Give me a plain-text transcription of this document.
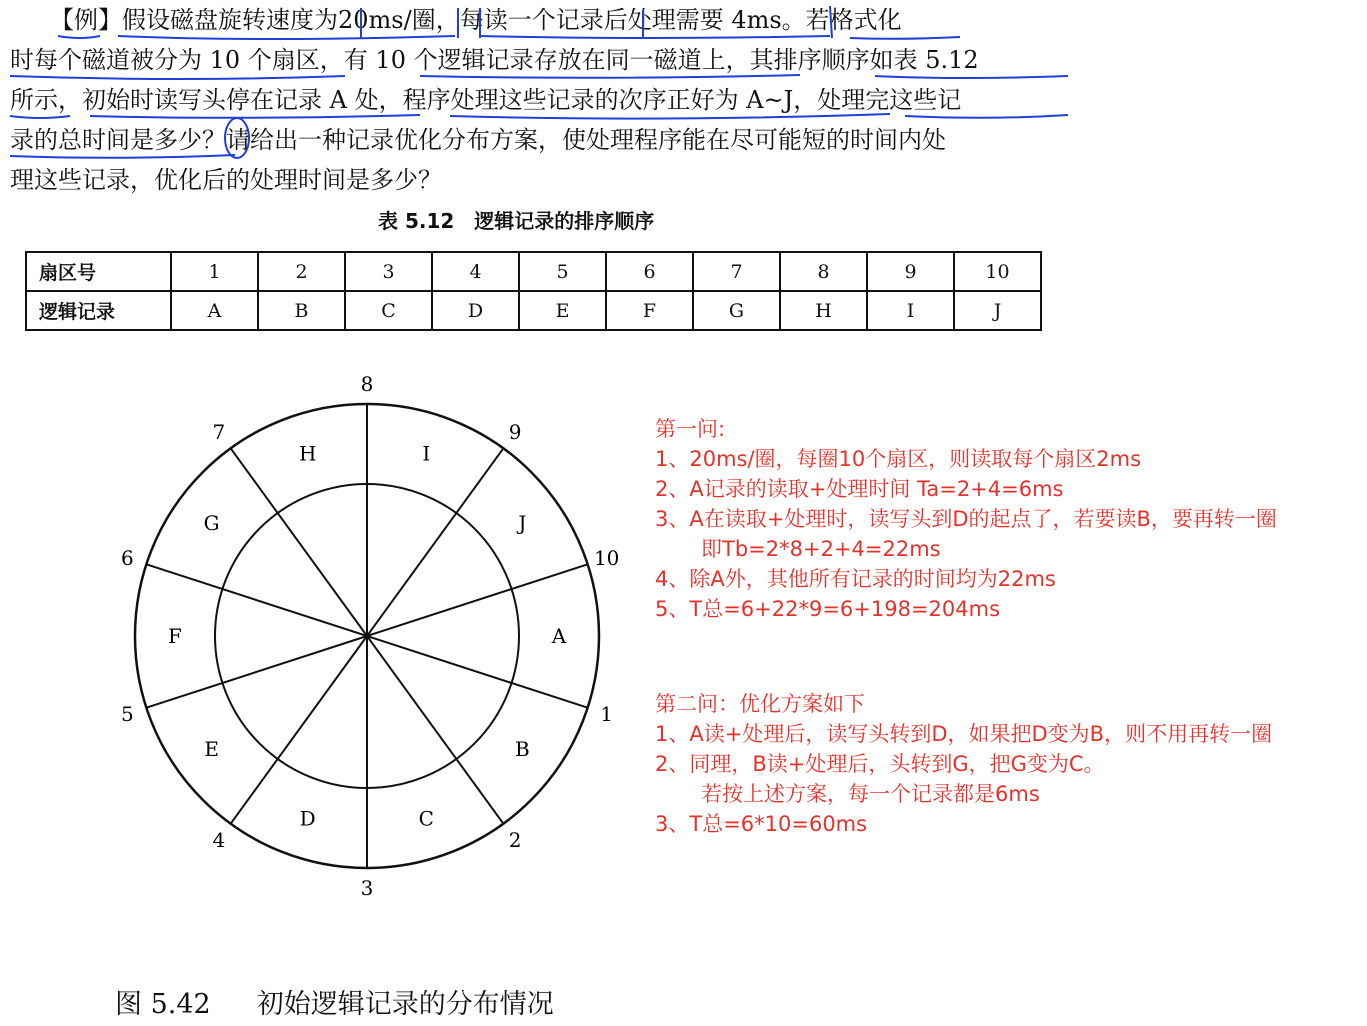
【例】假设磁盘旋转速度为20ms/圈，每读一个记录后处理需要 4ms。若格式化
时每个磁道被分为 10 个扇区，有 10 个逻辑记录存放在同一磁道上，其排序顺序如表 5.12
所示，初始时读写头停在记录 A 处，程序处理这些记录的次序正好为 A~J，处理完这些记
录的总时间是多少？请给出一种记录优化分布方案，使处理程序能在尽可能短的时间内处
理这些记录，优化后的处理时间是多少？
表 5.12　逻辑记录的排序顺序
扇区号	1	2	3	4	5	6	7	8	9	10
逻辑记录	A	B	C	D	E	F	G	H	I	J
A
1
B
2
C
3
D
4
E
5
F
6
G
7
H
8
I
9
J
10
图 5.42 初始逻辑记录的分布情况
第一问:
1、20ms/圈，每圈10个扇区，则读取每个扇区2ms
2、A记录的读取+处理时间 Ta=2+4=6ms
3、A在读取+处理时，读写头到D的起点了，若要读B，要再转一圈
即Tb=2*8+2+4=22ms
4、除A外，其他所有记录的时间均为22ms
5、T总=6+22*9=6+198=204ms
第二问：优化方案如下
1、A读+处理后，读写头转到D，如果把D变为B，则不用再转一圈
2、同理，B读+处理后，头转到G，把G变为C。
若按上述方案，每一个记录都是6ms
3、T总=6*10=60ms
